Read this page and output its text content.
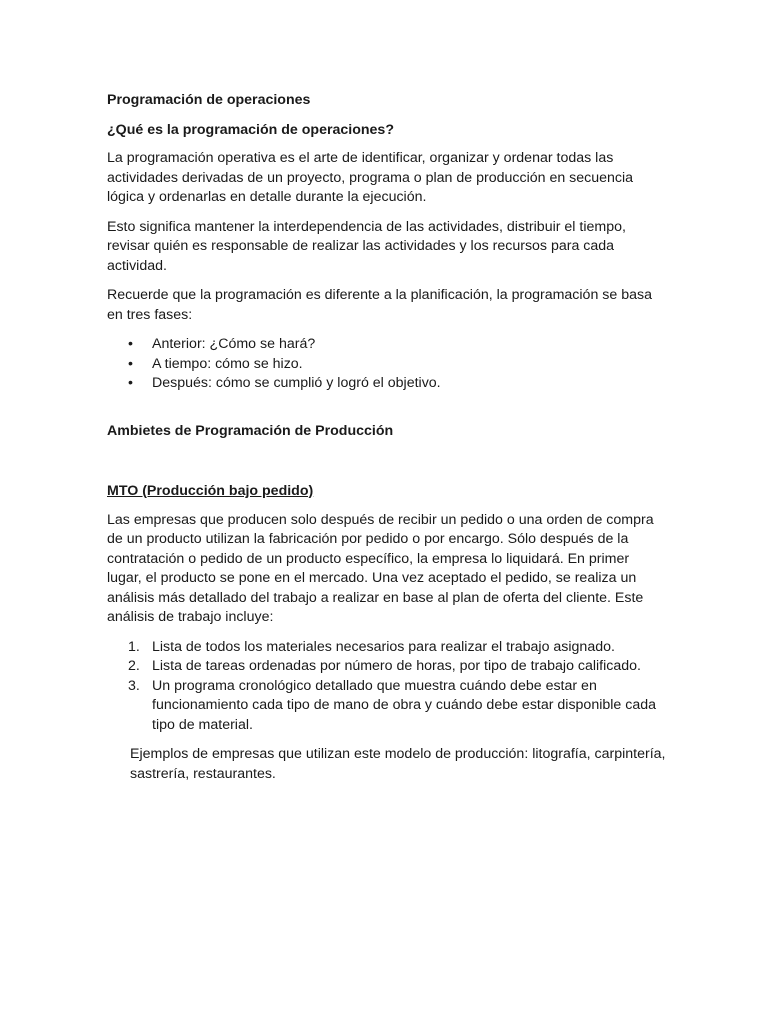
Programación de operaciones
¿Qué es la programación de operaciones?

La programación operativa es el arte de identificar, organizar y ordenar todas las actividades derivadas de un proyecto, programa o plan de producción en secuencia lógica y ordenarlas en detalle durante la ejecución.

Esto significa mantener la interdependencia de las actividades, distribuir el tiempo, revisar quién es responsable de realizar las actividades y los recursos para cada actividad.

Recuerde que la programación es diferente a la planificación, la programación se basa en tres fases:

• Anterior: ¿Cómo se hará?
• A tiempo: cómo se hizo.
• Después: cómo se cumplió y logró el objetivo.
Ambietes de Programación de Producción
MTO (Producción bajo pedido)

Las empresas que producen solo después de recibir un pedido o una orden de compra de un producto utilizan la fabricación por pedido o por encargo. Sólo después de la contratación o pedido de un producto específico, la empresa lo liquidará. En primer lugar, el producto se pone en el mercado. Una vez aceptado el pedido, se realiza un análisis más detallado del trabajo a realizar en base al plan de oferta del cliente. Este análisis de trabajo incluye:

1. Lista de todos los materiales necesarios para realizar el trabajo asignado.
2. Lista de tareas ordenadas por número de horas, por tipo de trabajo calificado.
3. Un programa cronológico detallado que muestra cuándo debe estar en funcionamiento cada tipo de mano de obra y cuándo debe estar disponible cada tipo de material.

Ejemplos de empresas que utilizan este modelo de producción: litografía, carpintería, sastrería, restaurantes.
